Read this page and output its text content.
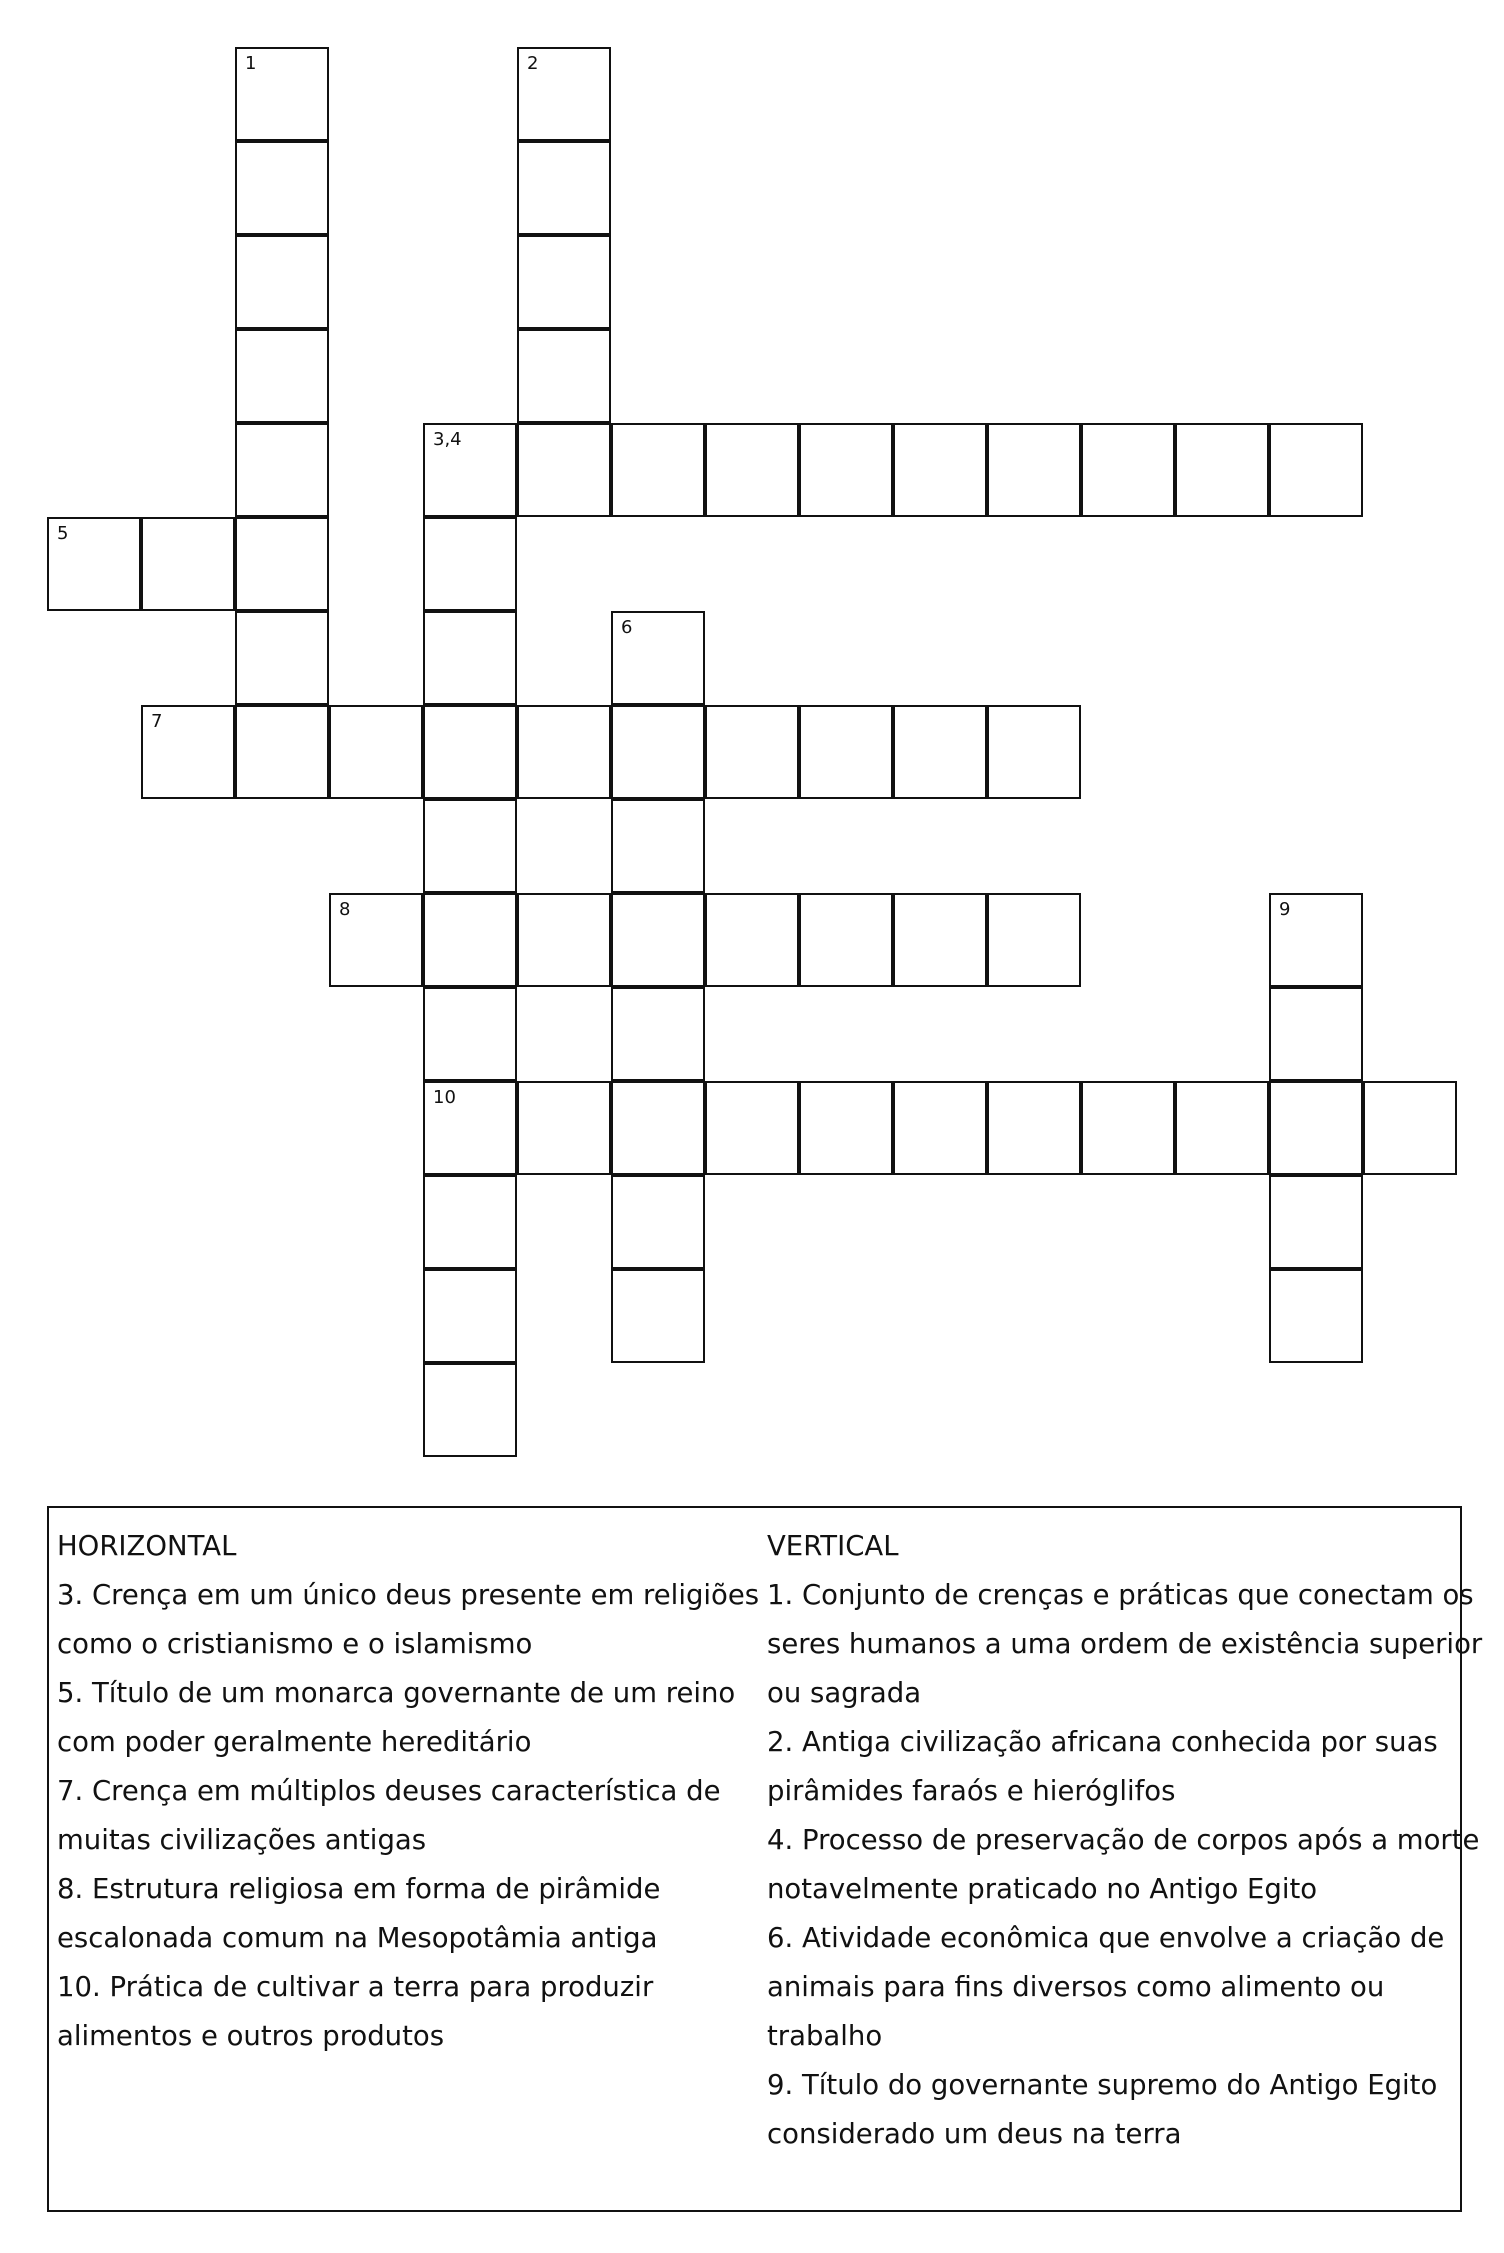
1	2
3,4
5
6
7
8	9
10
HORIZONTAL
3. Crença em um único deus presente em religiões
como o cristianismo e o islamismo
5. Título de um monarca governante de um reino
com poder geralmente hereditário
7. Crença em múltiplos deuses característica de
muitas civilizações antigas
8. Estrutura religiosa em forma de pirâmide
escalonada comum na Mesopotâmia antiga
10. Prática de cultivar a terra para produzir
alimentos e outros produtos
VERTICAL
1. Conjunto de crenças e práticas que conectam os
seres humanos a uma ordem de existência superior
ou sagrada
2. Antiga civilização africana conhecida por suas
pirâmides faraós e hieróglifos
4. Processo de preservação de corpos após a morte
notavelmente praticado no Antigo Egito
6. Atividade econômica que envolve a criação de
animais para fins diversos como alimento ou
trabalho
9. Título do governante supremo do Antigo Egito
considerado um deus na terra
